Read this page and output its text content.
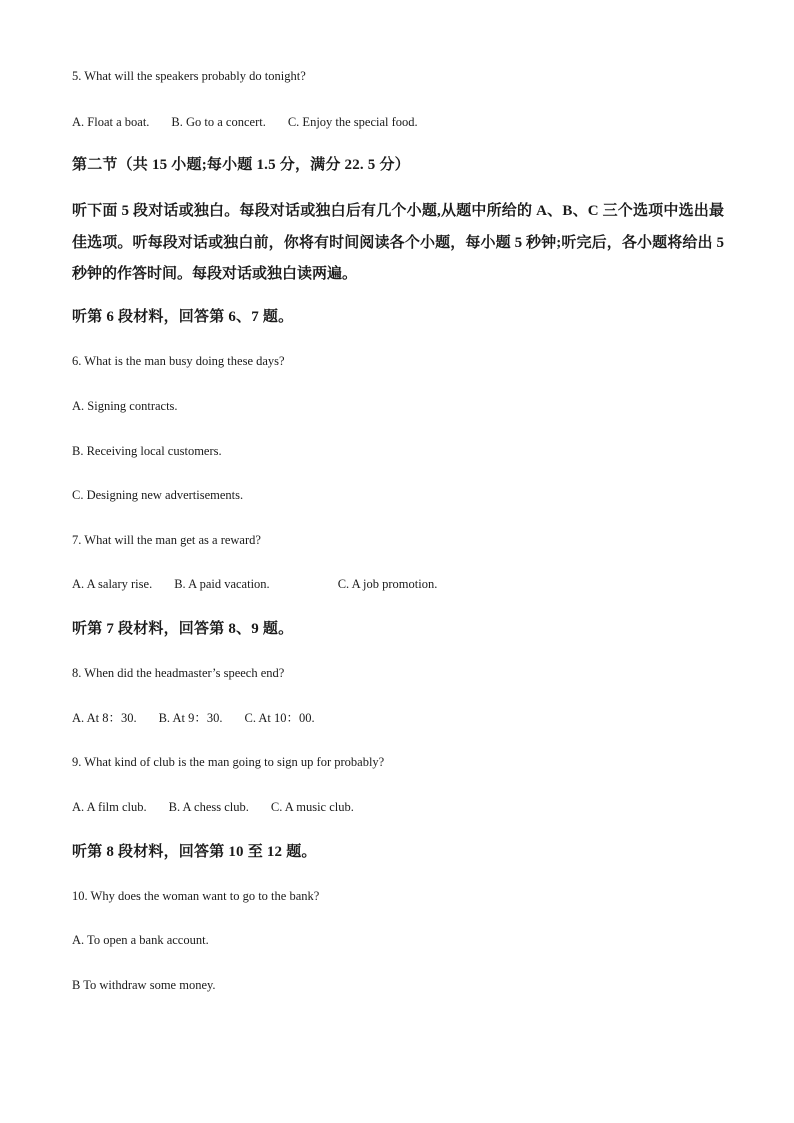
5. What will the speakers probably do tonight?
A. Float a boat. B. Go to a concert. C. Enjoy the special food.
第二节（共 15 小题;每小题 1.5 分，满分 22. 5 分）
听下面 5 段对话或独白。每段对话或独白后有几个小题,从题中所给的 A、B、C 三个选项中选出最佳选项。听每段对话或独白前，你将有时间阅读各个小题，每小题 5 秒钟;听完后，各小题将给出 5 秒钟的作答时间。每段对话或独白读两遍。
听第 6 段材料，回答第 6、7 题。
6. What is the man busy doing these days?
A. Signing contracts.
B. Receiving local customers.
C. Designing new advertisements.
7. What will the man get as a reward?
A. A salary rise. B. A paid vacation.	C. A job promotion.
听第 7 段材料，回答第 8、9 题。
8. When did the headmaster’s speech end?
A. At 8：30. B. At 9：30. C. At 10：00.
9. What kind of club is the man going to sign up for probably?
A. A film club. B. A chess club. C. A music club.
听第 8 段材料，回答第 10 至 12 题。
10. Why does the woman want to go to the bank?
A. To open a bank account.
B To withdraw some money.
